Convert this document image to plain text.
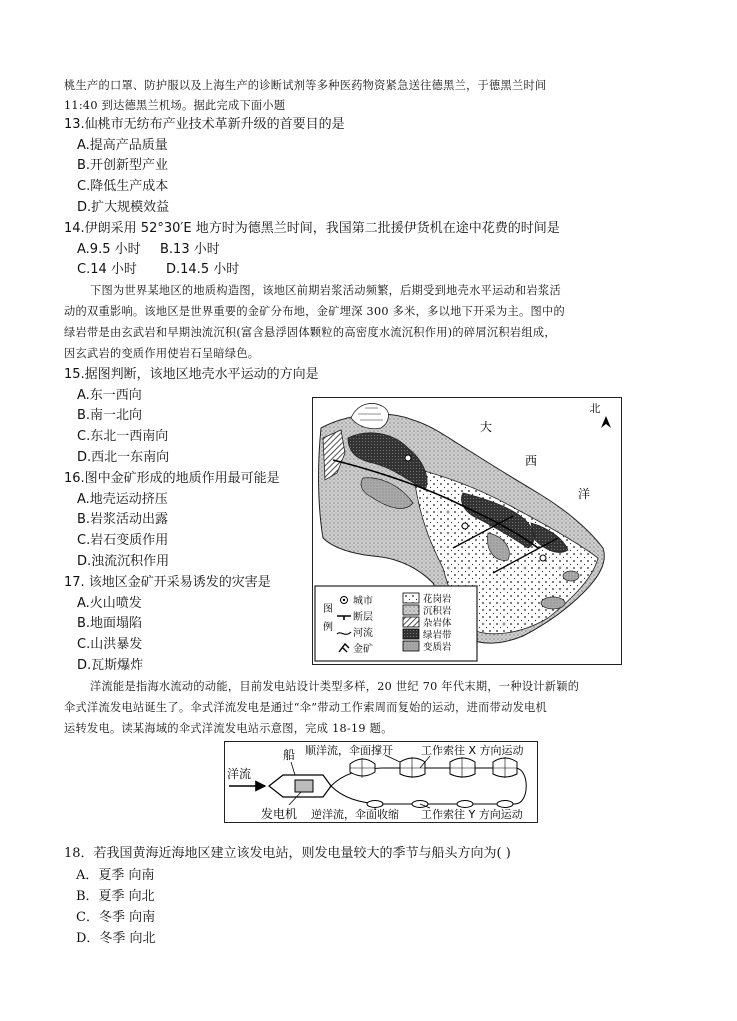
桃生产的口罩、防护服以及上海生产的诊断试剂等多种医药物资紧急送往德黑兰，于德黑兰时间
11:40 到达德黑兰机场。据此完成下面小题
13.仙桃市无纺布产业技术革新升级的首要目的是
A.提高产品质量
B.开创新型产业
C.降低生产成本
D.扩大规模效益
14.伊朗采用 52°30′E 地方时为德黑兰时间，我国第二批援伊货机在途中花费的时间是
A.9.5 小时 B.13 小时
C.14 小时 D.14.5 小时
下图为世界某地区的地质构造图，该地区前期岩浆活动频繁，后期受到地壳水平运动和岩浆活
动的双重影响。该地区是世界重要的金矿分布地，金矿埋深 300 多米，多以地下开采为主。图中的
绿岩带是由玄武岩和早期浊流沉积(富含悬浮固体颗粒的高密度水流沉积作用)的碎屑沉积岩组成，
因玄武岩的变质作用使岩石呈暗绿色。
15.据图判断，该地区地壳水平运动的方向是
A.东一西向
B.南一北向
C.东北一西南向
D.西北一东南向
16.图中金矿形成的地质作用最可能是
A.地壳运动挤压
B.岩浆活动出露
C.岩石变质作用
D.浊流沉积作用
17. 该地区金矿开采易诱发的灾害是
A.火山喷发
B.地面塌陷
C.山洪暴发
D.瓦斯爆炸
北
大
西
洋
图
例
城市
断层
河流
金矿
花岗岩
沉积岩
杂岩体
绿岩带
变质岩
洋流能是指海水流动的动能，目前发电站设计类型多样，20 世纪 70 年代末期，一种设计新颖的
伞式洋流发电站诞生了。伞式洋流发电是通过“伞”带动工作索周而复始的运动，进而带动发电机
运转发电。读某海域的伞式洋流发电站示意图，完成 18-19 题。
洋流
船
发电机
顺洋流，伞面撑开	工作索往 X 方向运动
逆洋流，伞面收缩 工作索往 Y 方向运动
18．若我国黄海近海地区建立该发电站，则发电量较大的季节与船头方向为( )
A．夏季 向南
B．夏季 向北
C．冬季 向南
D．冬季 向北
